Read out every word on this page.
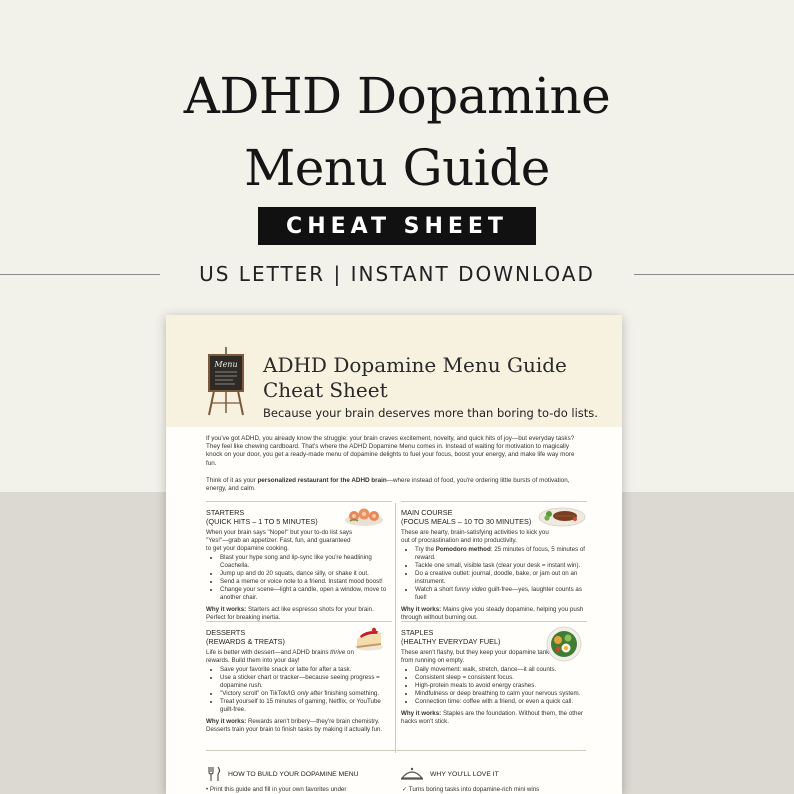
ADHD Dopamine
Menu Guide
CHEAT SHEET
US LETTER | INSTANT DOWNLOAD
Menu ADHD Dopamine Menu Guide
Cheat Sheet
Because your brain deserves more than boring to-do lists.
If you've got ADHD, you already know the struggle: your brain craves excitement, novelty, and quick hits of joy—but everyday tasks? They feel like chewing cardboard. That's where the ADHD Dopamine Menu comes in. Instead of waiting for motivation to magically knock on your door, you get a ready-made menu of dopamine delights to fuel your focus, boost your energy, and make life way more fun.
Think of it as your personalized restaurant for the ADHD brain—where instead of food, you're ordering little bursts of motivation, energy, and calm.
STARTERS
(QUICK HITS – 1 TO 5 MINUTES)
When your brain says "Nope!" but your to-do list says "Yes!"—grab an appetizer. Fast, fun, and guaranteed to get your dopamine cooking.
• Blast your hype song and lip-sync like you're headlining Coachella.
• Jump up and do 20 squats, dance silly, or shake it out.
• Send a meme or voice note to a friend. Instant mood boost!
• Change your scene—light a candle, open a window, move to another chair.
Why it works: Starters act like espresso shots for your brain. Perfect for breaking inertia.
MAIN COURSE
(FOCUS MEALS – 10 TO 30 MINUTES)
These are hearty, brain-satisfying activities to kick you out of procrastination and into productivity.
• Try the Pomodoro method: 25 minutes of focus, 5 minutes of reward.
• Tackle one small, visible task (clear your desk = instant win).
• Do a creative outlet: journal, doodle, bake, or jam out on an instrument.
• Watch a short funny video guilt-free—yes, laughter counts as fuel!
Why it works: Mains give you steady dopamine, helping you push through without burning out.
DESSERTS
(REWARDS & TREATS)
Life is better with dessert—and ADHD brains thrive on rewards. Build them into your day!
• Save your favorite snack or latte for after a task.
• Use a sticker chart or tracker—because seeing progress = dopamine rush.
• "Victory scroll" on TikTok/IG only after finishing something.
• Treat yourself to 15 minutes of gaming, Netflix, or YouTube guilt-free.
Why it works: Rewards aren't bribery—they're brain chemistry. Desserts train your brain to finish tasks by making it actually fun.
STAPLES
(HEALTHY EVERYDAY FUEL)
These aren't flashy, but they keep your dopamine tank from running on empty.
• Daily movement: walk, stretch, dance—it all counts.
• Consistent sleep = consistent focus.
• High-protein meals to avoid energy crashes.
• Mindfulness or deep breathing to calm your nervous system.
• Connection time: coffee with a friend, or even a quick call.
Why it works: Staples are the foundation. Without them, the other hacks won't stick.
HOW TO BUILD YOUR DOPAMINE MENU	WHY YOU'LL LOVE IT
• Print this guide and fill in your own favorites under	✓ Turns boring tasks into dopamine-rich mini wins
